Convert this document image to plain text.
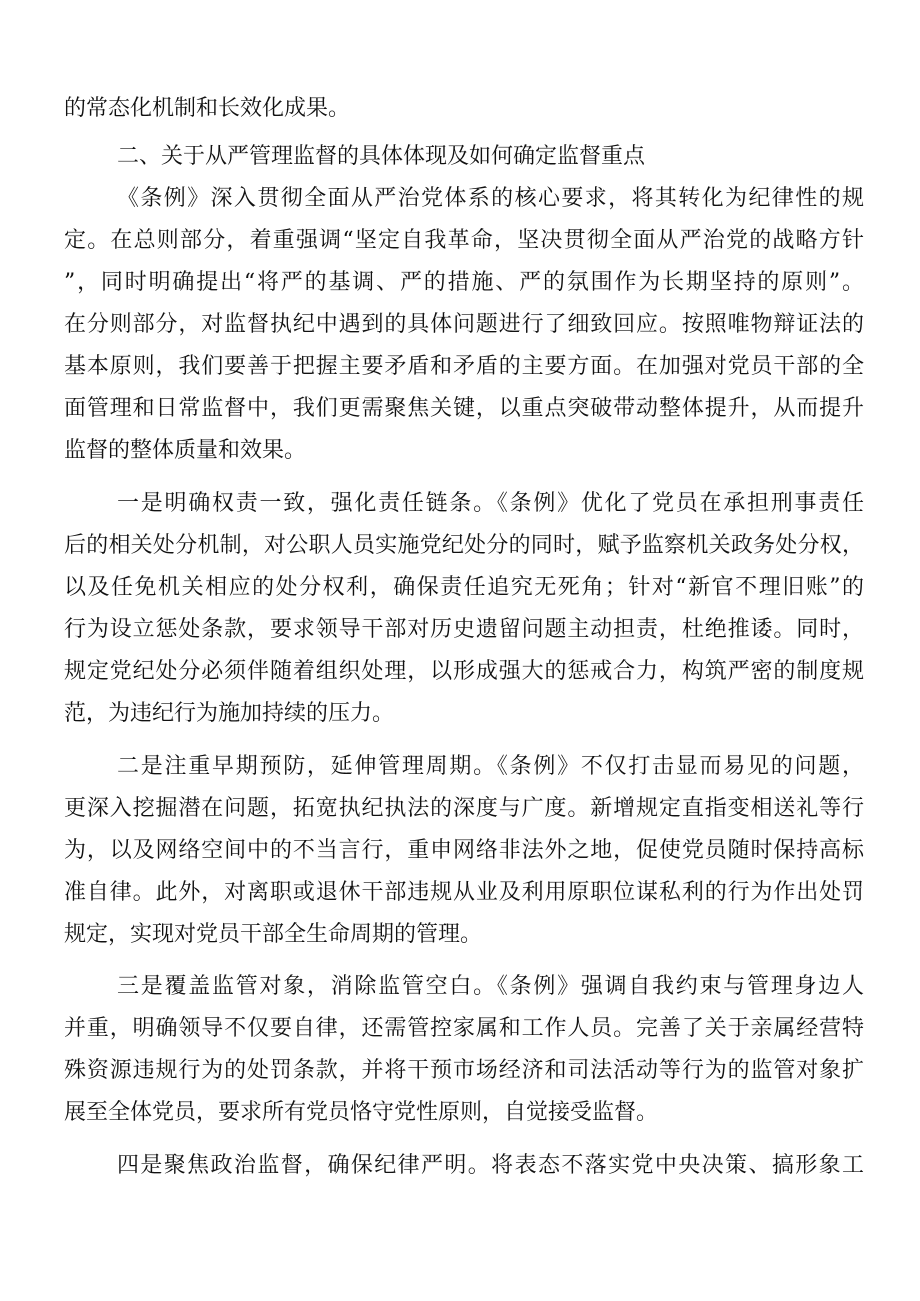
的常态化机制和长效化成果。
二、关于从严管理监督的具体体现及如何确定监督重点
《条例》深入贯彻全面从严治党体系的核心要求，将其转化为纪律性的规
定。在总则部分，着重强调“坚定自我革命，坚决贯彻全面从严治党的战略方针
”，同时明确提出“将严的基调、严的措施、严的氛围作为长期坚持的原则”。
在分则部分，对监督执纪中遇到的具体问题进行了细致回应。按照唯物辩证法的
基本原则，我们要善于把握主要矛盾和矛盾的主要方面。在加强对党员干部的全
面管理和日常监督中，我们更需聚焦关键，以重点突破带动整体提升，从而提升
监督的整体质量和效果。
一是明确权责一致，强化责任链条。《条例》优化了党员在承担刑事责任
后的相关处分机制，对公职人员实施党纪处分的同时，赋予监察机关政务处分权，
以及任免机关相应的处分权利，确保责任追究无死角；针对“新官不理旧账”的
行为设立惩处条款，要求领导干部对历史遗留问题主动担责，杜绝推诿。同时，
规定党纪处分必须伴随着组织处理，以形成强大的惩戒合力，构筑严密的制度规
范，为违纪行为施加持续的压力。
二是注重早期预防，延伸管理周期。《条例》不仅打击显而易见的问题，
更深入挖掘潜在问题，拓宽执纪执法的深度与广度。新增规定直指变相送礼等行
为，以及网络空间中的不当言行，重申网络非法外之地，促使党员随时保持高标
准自律。此外，对离职或退休干部违规从业及利用原职位谋私利的行为作出处罚
规定，实现对党员干部全生命周期的管理。
三是覆盖监管对象，消除监管空白。《条例》强调自我约束与管理身边人
并重，明确领导不仅要自律，还需管控家属和工作人员。完善了关于亲属经营特
殊资源违规行为的处罚条款，并将干预市场经济和司法活动等行为的监管对象扩
展至全体党员，要求所有党员恪守党性原则，自觉接受监督。
四是聚焦政治监督，确保纪律严明。将表态不落实党中央决策、搞形象工
